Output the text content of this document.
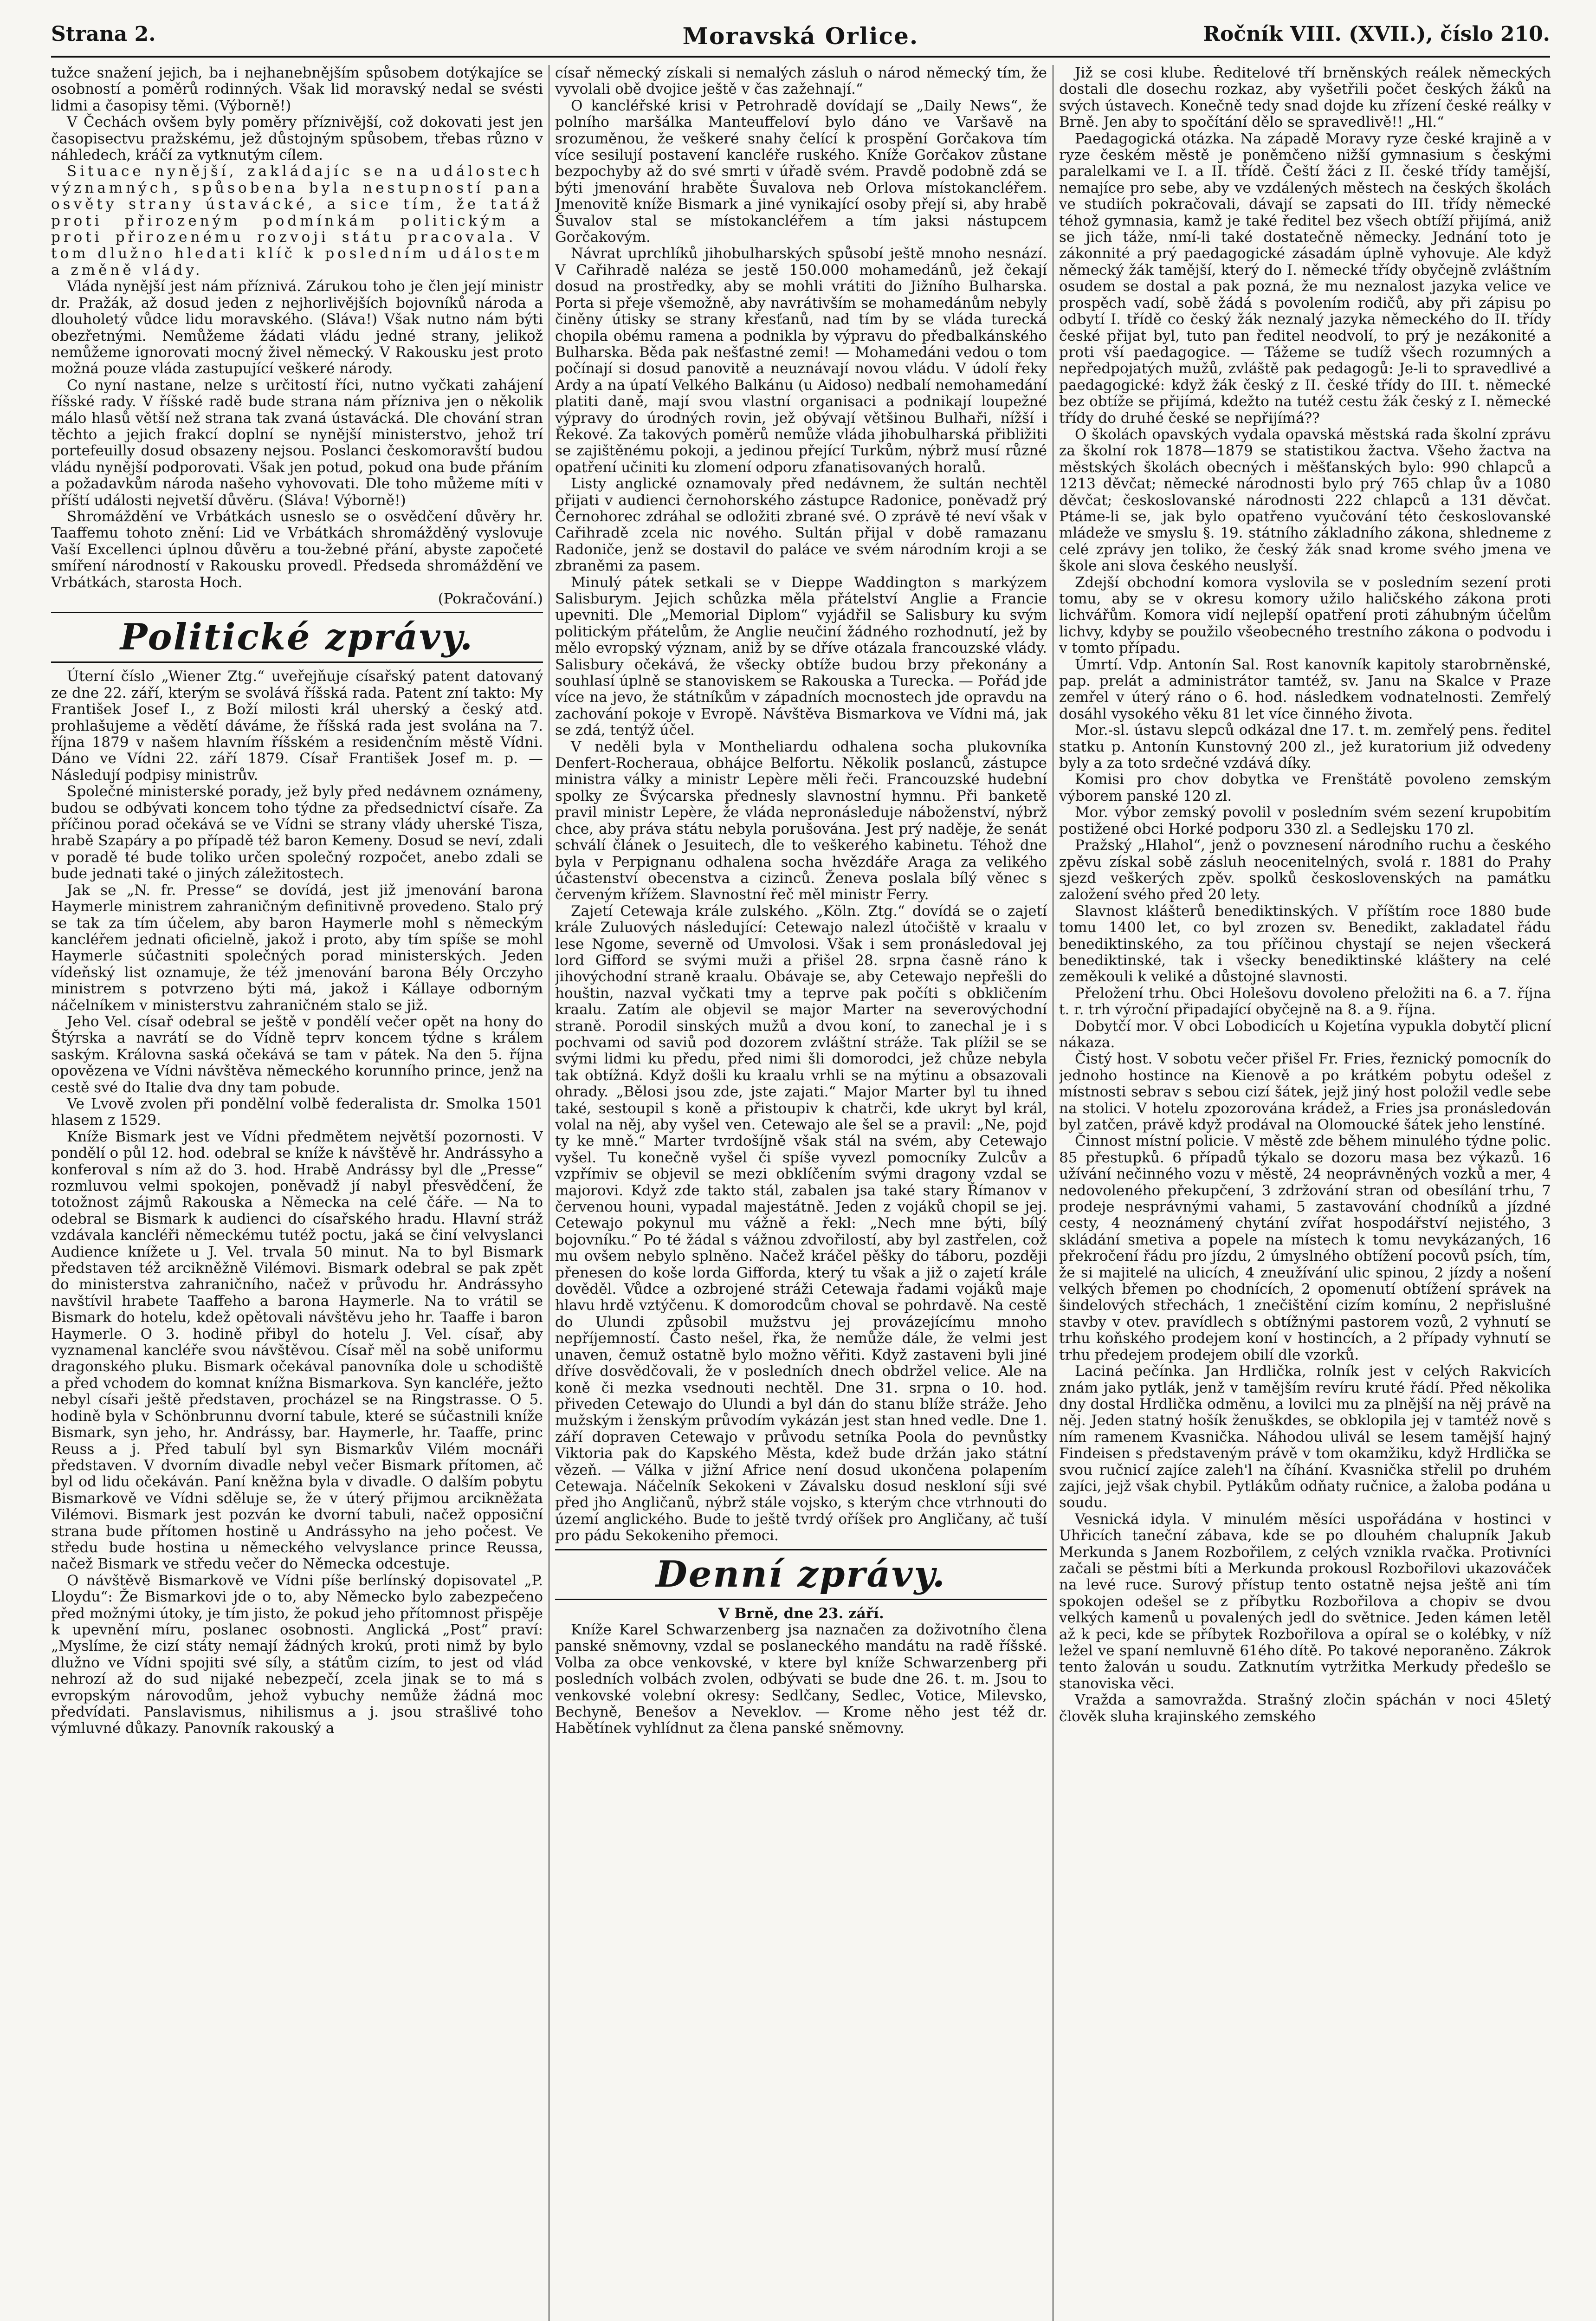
Moravská Orlice.
Strana 2.	Ročník VIII. (XVII.), číslo 210.

tužce snažení jejich, ba i nejhanebnějším spůsobem dotýkajíce se osobností a poměrů rodinných. Však lid moravský nedal se svésti lidmi a časopisy těmi. (Výborně!)

V Čechách ovšem byly poměry příznivější, což dokovati jest jen časopisectvu pražskému, jež důstojným spůsobem, třebas různo v náhledech, kráčí za vytknutým cílem.

Situace nynější, zakládajíc se na událostech významných, spůsobena byla nestupností pana osvěty strany ústavácké, a sice tím, že tatáž proti přirozeným podmínkám politickým a proti přirozenému rozvoji státu pracovala. V tom dlužno hledati klíč k posledním událostem a změně vlády.

Vláda nynější jest nám příznivá. Zárukou toho je člen její ministr dr. Pražák, až dosud jeden z nejhorlivějších bojovníků národa a dlouholetý vůdce lidu moravského. (Sláva!) Však nutno nám býti obezřetnými. Nemůžeme žádati vládu jedné strany, jelikož nemůžeme ignorovati mocný živel německý. V Rakousku jest proto možná pouze vláda zastupující veškeré národy.

Co nyní nastane, nelze s určitostí říci, nutno vyčkati zahájení říšské rady. V říšské radě bude strana nám přízniva jen o několik málo hlasů větší než strana tak zvaná ústavácká. Dle chování stran těchto a jejich frakcí doplní se nynější ministerstvo, jehož trí portefeuilly dosud obsazeny nejsou. Poslanci českomoravští budou vládu nynější podporovati. Však jen potud, pokud ona bude přáním a požadavkům národa našeho vyhovovati. Dle toho můžeme míti v příští události nejvetší důvěru. (Sláva! Výborně!)

Shromáždění ve Vrbátkách usneslo se o osvědčení důvěry hr. Taaffemu tohoto znění: Lid ve Vrbátkách shromážděný vyslovuje Vaší Excellenci úplnou důvěru a tou-žebné přání, abyste započeté smíření národností v Rakousku provedl. Předseda shromáždění ve Vrbátkách, starosta Hoch.

(Pokračování.)

Politické zprávy.

Úterní číslo „Wiener Ztg.“ uveřejňuje císařský patent datovaný ze dne 22. září, kterým se svolává říšská rada. Patent zní takto: My František Josef I., z Boží milosti král uherský a český atd. prohlašujeme a vědětí dáváme, že říšská rada jest svolána na 7. října 1879 v našem hlavním říšském a residenčním městě Vídni. Dáno ve Vídni 22. září 1879. Císař František Josef m. p. — Následují podpisy ministrův.

Společné ministerské porady, jež byly před nedávnem oznámeny, budou se odbývati koncem toho týdne za předsednictví císaře. Za příčinou porad očekává se ve Vídni se strany vlády uherské Tisza, hrabě Szapáry a po případě též baron Kemeny. Dosud se neví, zdali v poradě té bude toliko určen společný rozpočet, anebo zdali se bude jednati také o jiných záležitostech.

Jak se „N. fr. Presse“ se dovídá, jest již jmenování barona Haymerle ministrem zahraničným definitivně provedeno. Stalo prý se tak za tím účelem, aby baron Haymerle mohl s německým kancléřem jednati oficielně, jakož i proto, aby tím spíše se mohl Haymerle súčastniti společných porad ministerských. Jeden vídeňský list oznamuje, že též jmenování barona Bély Orczyho ministrem s potvrzeno býti má, jakož i Kállaye odborným náčelníkem v ministerstvu zahraničném stalo se již.

Jeho Vel. císař odebral se ještě v pondělí večer opět na hony do Štýrska a navrátí se do Vídně teprv koncem týdne s králem saským. Královna saská očekává se tam v pátek. Na den 5. října opovězena ve Vídni návštěva německého korunního prince, jenž na cestě své do Italie dva dny tam pobude.

Ve Lvově zvolen při pondělní volbě federalista dr. Smolka 1501 hlasem z 1529.

Kníže Bismark jest ve Vídni předmětem největší pozornosti. V pondělí o půl 12. hod. odebral se kníže k návštěvě hr. Andrássyho a konferoval s ním až do 3. hod. Hrabě Andrássy byl dle „Presse“ rozmluvou velmi spokojen, poněvadž jí nabyl přesvědčení, že totožnost zájmů Rakouska a Německa na celé čáře. — Na to odebral se Bismark k audienci do císařského hradu. Hlavní stráž vzdávala kancléři německému tutéž poctu, jaká se činí velvyslanci Audience knížete u J. Vel. trvala 50 minut. Na to byl Bismark představen též arcikněžně Vilémovi. Bismark odebral se pak zpět do ministerstva zahraničního, načež v průvodu hr. Andrássyho navštívil hrabete Taaffeho a barona Haymerle. Na to vrátil se Bismark do hotelu, kdež opětovali návštěvu jeho hr. Taaffe i baron Haymerle. O 3. hodině přibyl do hotelu J. Vel. císař, aby vyznamenal kancléře svou návštěvou. Císař měl na sobě uniformu dragonského pluku. Bismark očekával panovníka dole u schodiště a před vchodem do komnat knížna Bismarkova. Syn kancléře, ježto nebyl císaři ještě představen, procházel se na Ringstrasse. O 5. hodině byla v Schönbrunnu dvorní tabule, které se súčastnili kníže Bismark, syn jeho, hr. Andrássy, bar. Haymerle, hr. Taaffe, princ Reuss a j. Před tabulí byl syn Bismarkův Vilém mocnáři představen. V dvorním divadle nebyl večer Bismark přítomen, ač byl od lidu očekáván. Paní kněžna byla v divadle. O dalším pobytu Bismarkově ve Vídni sděluje se, že v úterý přijmou arcikněžata Vilémovi. Bismark jest pozván ke dvorní tabuli, načež opposiční strana bude přítomen hostině u Andrássyho na jeho počest. Ve středu bude hostina u německého velvyslance prince Reussa, načež Bismark ve středu večer do Německa odcestuje.

O návštěvě Bismarkově ve Vídni píše berlínský dopisovatel „P. Lloydu“: Že Bismarkovi jde o to, aby Německo bylo zabezpečeno před možnými útoky, je tím jisto, že pokud jeho přítomnost přispěje k upevnění míru, poslanec osobnosti. Anglická „Post“ praví: „Myslíme, že cizí státy nemají žádných krokú, proti nimž by bylo dlužno ve Vídni spojiti své síly, a státům cizím, to jest od vlád nehrozí až do sud nijaké nebezpečí, zcela jinak se to má s evropským nárovodům, jehož vybuchy nemůže žádná moc předvídati. Panslavismus, nihilismus a j. jsou strašlivé toho výmluvné důkazy. Panovník rakouský a

císař německý získali si nemalých zásluh o národ německý tím, že vyvolali obě dvojice ještě v čas zažehnají.“

O kancléřské krisi v Petrohradě dovídají se „Daily News“, že polního maršálka Manteuffeloví bylo dáno ve Varšavě na srozuměnou, že veškeré snahy čelící k prospění Gorčakova tím více sesilují postavení kancléře ruského. Kníže Gorčakov zůstane bezpochyby až do své smrti v úřadě svém. Pravdě podobně zdá se býti jmenování hraběte Šuvalova neb Orlova místokancléřem. Jmenovitě kníže Bismark a jiné vynikající osoby přejí si, aby hrabě Šuvalov stal se místokancléřem a tím jaksi nástupcem Gorčakovým.

Návrat uprchlíků jihobulharských spůsobí ještě mnoho nesnází. V Cařihradě naléza se jestě 150.000 mohamedánů, jež čekají dosud na prostředky, aby se mohli vrátiti do Jižního Bulharska. Porta si přeje všemožně, aby navrátivším se mohamedánům nebyly činěny útisky se strany křesťanů, nad tím by se vláda turecká chopila obému ramena a podnikla by výpravu do předbalkánského Bulharska. Běda pak nešťastné zemi! — Mohamedáni vedou o tom počínají si dosud panovitě a neuznávají novou vládu. V údolí řeky Ardy a na úpatí Velkého Balkánu (u Aidoso) nedbalí nemohamedání platiti daně, mají svou vlastní organisaci a podnikají loupežné výpravy do úrodných rovin, jež obývají většinou Bulhaři, nížší i Řekové. Za takových poměrů nemůže vláda jihobulharská přibližiti se zajištěnému pokoji, a jedinou přející Turkům, nýbrž musí různé opatření učiniti ku zlomení odporu zfanatisovaných horalů.

Listy anglické oznamovaly před nedávnem, že sultán nechtěl přijati v audienci černohorského zástupce Radonice, poněvadž prý Černohorec zdráhal se odložiti zbrané své. O zprávě té neví však v Cařihradě zcela nic nového. Sultán přijal v době ramazanu Radoniče, jenž se dostavil do paláce ve svém národním kroji a se zbraněmi za pasem.

Minulý pátek setkali se v Dieppe Waddington s markýzem Salisburym. Jejich schůzka měla přátelství Anglie a Francie upevniti. Dle „Memorial Diplom“ vyjádřil se Salisbury ku svým politickým přátelům, že Anglie neučiní žádného rozhodnutí, jež by mělo evropský význam, aniž by se dříve otázala francouzské vlády. Salisbury očekává, že všecky obtíže budou brzy překonány a souhlasí úplně se stanoviskem se Rakouska a Turecka. — Pořád jde více na jevo, že státníkům v západních mocnostech jde opravdu na zachování pokoje v Evropě. Návštěva Bismarkova ve Vídni má, jak se zdá, tentýž účel.

V neděli byla v Montheliardu odhalena socha plukovníka Denfert-Rocherauа, obhájce Belfortu. Několik poslanců, zástupce ministra války a ministr Lepère měli řeči. Francouzské hudební spolky ze Švýcarska přednesly slavnostní hymnu. Při banketě pravil ministr Lepère, že vláda nepronásleduje náboženství, nýbrž chce, aby práva státu nebyla porušována. Jest prý naděje, že senát schválí článek o Jesuitech, dle to veškerého kabinetu. Téhož dne byla v Perpignanu odhalena socha hvězdáře Araga za velikého účastenství obecenstva a cizinců. Ženeva poslala bílý věnec s červeným křížem. Slavnostní řeč měl ministr Ferry.

Zajetí Cetewaja krále zulského. „Köln. Ztg.“ dovídá se o zajetí krále Zuluových následující: Cetewajo nalezl útočiště v kraalu v lese Ngome, severně od Umvolosi. Však i sem pronásledoval jej lord Gifford se svými muži a přišel 28. srpna časně ráno k jihovýchodní straně kraalu. Obávaje se, aby Cetewajo nepřešli do houštin, nazval vyčkati tmy a teprve pak počíti s obkličením kraalu. Zatím ale objevil se major Marter na severovýchodní straně. Porodil sinských mužů a dvou koní, to zanechal je i s pochvami od saviů pod dozorem zvláštní stráže. Tak plížil se se svými lidmi ku předu, před nimi šli domorodci, jež chůze nebyla tak obtížná. Když došli ku kraalu vrhli se na mýtinu a obsazovali ohrady. „Bělosi jsou zde, jste zajati.“ Major Marter byl tu ihned také, sestoupil s koně a přistoupiv k chatrči, kde ukryt byl král, volal na něj, aby vyšel ven. Cetewajo ale šel se a pravil: „Ne, pojď ty ke mně.“ Marter tvrdošíjně však stál na svém, aby Cetewajo vyšel. Tu konečně vyšel či spíše vyvezl pomocníky Zulcův a vzpřímiv se objevil se mezi obklíčením svými dragony vzdal se majorovi. Když zde takto stál, zabalen jsa také stary Římanov v červenou houni, vypadal majestátně. Jeden z vojáků chopil se jej. Cetewajo pokynul mu vážně a řekl: „Nech mne býti, bílý bojovníku.“ Po té žádal s vážnou zdvořilostí, aby byl zastřelen, což mu ovšem nebylo splněno. Načež kráčel pěšky do táboru, později přenesen do koše lorda Gifforda, který tu však a již o zajetí krále dověděl. Vůdce a ozbrojené stráži Cetewaja řadami vojáků maje hlavu hrdě vztýčenu. K domorodcům choval se pohrdavě. Na cestě do Ulundi způsobil mužstvu jej provázejícímu mnoho nepříjemností. Často nešel, řka, že nemůže dále, že velmi jest unaven, čemuž ostatně bylo možno věřiti. Když zastaveni byli jiné dříve dosvědčovali, že v posledních dnech obdržel velice. Ale na koně či mezka vsednouti nechtěl. Dne 31. srpna o 10. hod. přiveden Cetewajo do Ulundi a byl dán do stanu blíže stráže. Jeho mužským i ženským průvodím vykázán jest stan hned vedle. Dne 1. září dopraven Cetewajo v průvodu setníka Poola do pevnůstky Viktoria pak do Kapského Města, kdež bude držán jako státní vězeň. — Válka v jižní Africe není dosud ukončena polapením Cetewaja. Náčelník Sekokeni v Závalsku dosud neskloní síji své před jho Angličanů, nýbrž stále vojsko, s kterým chce vtrhnouti do území anglického. Bude to ještě tvrdý oříšek pro Angličany, ač tuší pro pádu Sekokeniho přemoci.

Denní zprávy.

V Brně, dne 23. září.

Kníže Karel Schwarzenberg jsa naznačen za doživotního člena panské sněmovny, vzdal se poslaneckého mandátu na radě říšské. Volba za obce venkovské, v ktere byl kníže Schwarzenberg při posledních volbách zvolen, odbývati se bude dne 26. t. m. Jsou to venkovské volební okresy: Sedlčany, Sedlec, Votice, Milevsko, Bechyně, Benešov a Neveklov. — Krome něho jest též dr. Habětínek vyhlídnut za člena panské sněmovny.

Již se cosi klube. Ředitelové tří brněnských reálek německých dostali dle dosechu rozkaz, aby vyšetřili počet českých žáků na svých ústavech. Konečně tedy snad dojde ku zřízení české reálky v Brně. Jen aby to spočítání dělo se spravedlivě!! „Hl.“

Paedagogická otázka. Na západě Moravy ryze české krajině a v ryze českém městě je poněmčeno nižší gymnasium s českými paralelkami ve I. a II. třídě. Čeští žáci z II. české třídy tamější, nemajíce pro sebe, aby ve vzdálených městech na českých školách ve studiích pokračovali, dávají se zapsati do III. třídy německé téhož gymnasia, kamž je také ředitel bez všech obtíží přijímá, aniž se jich táže, nmí-li také dostatečně německy. Jednání toto je zákonnité a prý paedagogické zásadám úplně vyhovuje. Ale když německý žák tamější, který do I. německé třídy obyčejně zvláštním osudem se dostal a pak pozná, že mu neznalost jazyka velice ve prospěch vadí, sobě žádá s povolením rodičů, aby při zápisu po odbytí I. třídě co český žák neznalý jazyka německého do II. třídy české přijat byl, tuto pan ředitel neodvolí, to prý je nezákonité a proti vší paedagogice. — Tážeme se tudíž všech rozumných a nepředpojatých mužů, zvláště pak pedagogů: Je-li to spravedlivé a paedagogické: když žák český z II. české třídy do III. t. německé bez obtíže se přijímá, kdežto na tutéž cestu žák český z I. německé třídy do druhé české se nepřijímá??

O školách opavských vydala opavská městská rada školní zprávu za školní rok 1878—1879 se statistikou žactva. Všeho žactva na městských školách obecných i měšťanských bylo: 990 chlapců a 1213 děvčat; německé národnosti bylo prý 765 chlap ův a 1080 děvčat; českoslovanské národnosti 222 chlapců a 131 děvčat. Ptámе-li se, jak bylo opatřeno vyučování této českoslovanské mládeže ve smyslu §. 19. státního základního zákona, shledneme z celé zprávy jen toliko, že český žák snad krome svého jmena ve škole ani slova českého neuslyší.

Zdejší obchodní komora vyslovila se v posledním sezení proti tomu, aby se v okresu komory užilo haličského zákona proti lichvářům. Komora vidí nejlepší opatření proti záhubným účelům lichvy, kdyby se použilo všeobecného trestního zákona o podvodu i v tomto případu.

Úmrtí. Vdp. Antonín Sal. Rost kanovník kapitoly starobrněnské, pap. prelát a administrátor tamtéž, sv. Janu na Skalce v Praze zemřel v úterý ráno o 6. hod. následkem vodnatelnosti. Zemřelý dosáhl vysokého věku 81 let více činného života.

Mor.-sl. ústavu slepců odkázal dne 17. t. m. zemřelý pens. ředitel statku p. Antonín Kunstovný 200 zl., jež kuratorium již odvedeny byly a za toto srdečné vzdává díky.

Komisi pro chov dobytka ve Frenštátě povoleno zemským výborem panské 120 zl.

Mor. výbor zemský povolil v posledním svém sezení krupobitím postižené obci Horké podporu 330 zl. a Sedlejsku 170 zl.

Pražský „Hlahol“, jenž o povznesení národního ruchu a českého zpěvu získal sobě zásluh neocenitelných, svolá r. 1881 do Prahy sjezd veškerých zpěv. spolků československých na památku založení svého před 20 lety.

Slavnost klášterů benediktinských. V příštím roce 1880 bude tomu 1400 let, co byl zrozen sv. Benedikt, zakladatel řádu benediktinského, za tou příčinou chystají se nejen všeckerá benediktinské, tak i všecky benediktinské kláštery na celé zeměkouli k veliké a důstojné slavnosti.

Přeložení trhu. Obci Holešovu dovoleno přeložiti na 6. a 7. října t. r. trh výroční připadající obyčejně na 8. a 9. října.

Dobytčí mor. V obci Lobodicích u Kojetína vypukla dobytčí plicní nákaza.

Čistý host. V sobotu večer přišel Fr. Fries, řeznický pomocník do jednoho hostince na Kienově a po krátkém pobytu odešel z místnosti sebrav s sebou cizí šátek, jejž jiný host položil vedle sebe na stolici. V hotelu zpozorována krádež, a Fries jsa pronásledován byl zatčen, právě když prodával na Olomoucké šátek jeho lenstíné.

Činnost místní policie. V městě zde během minulého týdne polic. 85 přestupků. 6 případů týkalo se dozoru masa bez výkazů. 16 užívání nečinného vozu v městě, 24 neoprávněných vozků a mer, 4 nedovoleného překupčení, 3 zdržování stran od obesílání trhu, 7 prodeje nesprávnými vahami, 5 zastavování chodníků a jízdné cesty, 4 neoznámený chytání zvířat hospodářství nejistého, 3 skládání smetiva a popele na místech k tomu nevykázaných, 16 překročení řádu pro jízdu, 2 úmyslného obtížení pocovů psích, tím, že si majitelé na ulicích, 4 zneužívání ulic spinou, 2 jízdy a nošení velkých břemen po chodnících, 2 opomenutí obtížení správek na šindelových střechách, 1 znečištění cizím komínu, 2 nepřislušné stavby v otev. pravídlech s obtížnými pastorem vozů, 2 vyhnutí se trhu koňského prodejem koní v hostincích, a 2 případy vyhnutí se trhu předejem prodejem obilí dle vzorků.

Laciná pečínka. Jan Hrdlička, rolník jest v celých Rakvicích znám jako pytlák, jenž v tamějším revíru kruté řádí. Před několika dny dostal Hrdlička odměnu, a lovilci mu za plnější na něj právě na něj. Jeden statný hošík ženuškdes, se obklopila jej v tamtéž nově s ním ramenem Kvasnička. Náhodou ulivál se lesem tamější hajný Findeisen s představeným právě v tom okamžiku, když Hrdlička se svou ručnicí zajíce zaleh'l na číhání. Kvasnička střelil po druhém zajíci, jejž však chybil. Pytlákům odňaty ručnice, a žaloba podána u soudu.

Vesnická idyla. V minulém měsíci uspořádána v hostinci v Uhřicích taneční zábava, kde se po dlouhém chalupník Jakub Merkunda s Janem Rozbořilem, z celých vznikla rvačka. Protivníci začali se pěstmi bíti a Merkunda prokousl Rozbořilovi ukazováček na levé ruce. Surový přístup tento ostatně nejsa ještě ani tím spokojen odešel se z příbytku Rozbořilova a chopiv se dvou velkých kamenů u povalených jedl do světnice. Jeden kámen letěl až k peci, kde se příbytek Rozbořilova a opíral se o kolébky, v níž ležel ve spaní nemluvně 61ého dítě. Po takové neporaněno. Zákrok tento žalován u soudu. Zatknutím vytržitka Merkudy předešlo se stanoviska věci.

Vražda a samovražda. Strašný zločin spáchán v noci 45letý člověk sluha krajinského zemského
